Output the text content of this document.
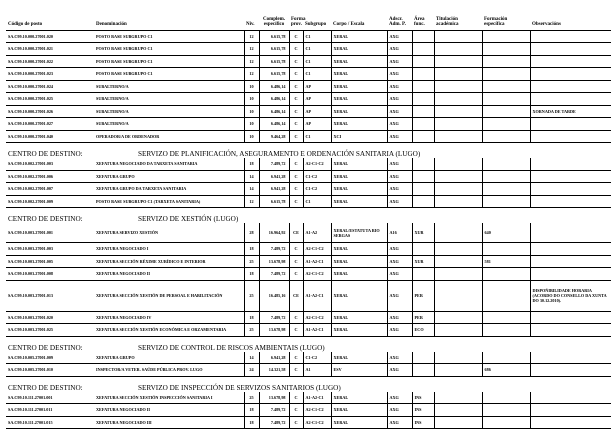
Código de posto	Denominación	Niv.	Complem. específico	Forma prov.	Subgrupo	Corpo / Escala	Adscr. Adm. P.	Área func.	Titulación académica	Formación específica	Observacións
SA.C99.10.000.27001.020	POSTO BASE SUBGRUPO C1	12	6.615,78	C	C1	XERAL	AXG				
SA.C99.10.000.27001.021	POSTO BASE SUBGRUPO C1	12	6.615,78	C	C1	XERAL	AXG				
SA.C99.10.000.27001.022	POSTO BASE SUBGRUPO C1	12	6.615,78	C	C1	XERAL	AXG				
SA.C99.10.000.27001.023	POSTO BASE SUBGRUPO C1	12	6.615,78	C	C1	XERAL	AXG				
SA.C99.10.000.27001.024	SUBALTERNO/A	10	6.486,14	C	AP	XERAL	AXG				
SA.C99.10.000.27001.025	SUBALTERNO/A	10	6.486,14	C	AP	XERAL	AXG				
SA.C99.10.000.27001.026	SUBALTERNO/A	10	6.486,14	C	AP	XERAL	AXG				XORNADA DE TARDE
SA.C99.10.000.27001.027	SUBALTERNO/A	10	6.486,14	C	AP	XERAL	AXG				
SA.C99.10.000.27001.040	OPERADOR/A DE ORDENADOR	10	9.464,28	C	C1	XCI	AXG				
CENTRO DE DESTINO: SERVIZO DE PLANIFICACIÓN, ASEGURAMENTO E ORDENACIÓN SANITARIA (LUGO)											
SA.C99.10.002.27001.003	XEFATURA NEGOCIADO DA TARXETA SANITARIA	18	7.489,72	C	A2-C1-C2	XERAL	AXG				
SA.C99.10.002.27001.006	XEFATURA GRUPO	14	6.941,28	C	C1-C2	XERAL	AXG				
SA.C99.10.002.27001.007	XEFATURA GRUPO DA TARXETA SANITARIA	14	6.941,28	C	C1-C2	XERAL	AXG				
SA.C99.10.002.27001.009	POSTO BASE SUBGRUPO C1 (TARXETA SANITARIA)	12	6.615,78	C	C1	XERAL	AXG				
CENTRO DE DESTINO: SERVIZO DE XESTIÓN (LUGO)											
SA.C99.10.003.27001.001	XEFATURA SERVIZO XESTIÓN	28	16.964,92	CE	A1-A2	XERAL/ESTATUTA RIO SERGAS	A16	XUR		640	
SA.C99.10.003.27001.003	XEFATURA NEGOCIADO I	18	7.489,72	C	A2-C1-C2	XERAL	AXG				
SA.C99.10.003.27001.005	XEFATURA SECCIÓN RÉXIME XURÍDICO E INTERIOR	25	13.678,98	C	A1-A2-C1	XERAL	AXG	XUR		581	
SA.C99.10.003.27001.008	XEFATURA NEGOCIADO II	18	7.489,72	C	A2-C1-C2	XERAL	AXG				
SA.C99.10.003.27001.013	XEFATURA SECCIÓN XESTIÓN DE PERSOAL E HABILITACIÓN	25	16.485,16	CE	A1-A2-C1	XERAL	AXG	PER			DISPOÑIBILIDADE HORARIA (ACORDO DO CONSELLO DA XUNTA DO 30.12.2010).
SA.C99.10.003.27001.020	XEFATURA NEGOCIADO IV	18	7.489,72	C	A2-C1-C2	XERAL	AXG	PER			
SA.C99.10.003.27001.025	XEFATURA SECCIÓN XESTIÓN ECONÓMICA E ORZAMENTARIA	25	13.678,98	C	A1-A2-C1	XERAL	AXG	ECO			
CENTRO DE DESTINO: SERVIZO DE CONTROL DE RISCOS AMBIENTAIS (LUGO)											
SA.C99.10.005.27001.009	XEFATURA GRUPO	14	6.941,28	C	C1-C2	XERAL	AXG				
SA.C99.10.005.27001.010	INSPECTOR/A VETER. SAÚDE PÚBLICA PROV. LUGO	24	14.321,58	C	A1	ESV	AXG			686	
CENTRO DE DESTINO: SERVIZO DE INSPECCIÓN DE SERVIZOS SANITARIOS (LUGO)											
SA.C99.10.111.27001.001	XEFATURA SECCIÓN XESTIÓN INSPECCIÓN SANITARIA I	25	13.678,98	C	A1-A2-C1	XERAL	AXG	INS			
SA.C99.10.111.27001.011	XEFATURA NEGOCIADO II	18	7.489,72	C	A2-C1-C2	XERAL	AXG	INS			
SA.C99.10.111.27001.015	XEFATURA NEGOCIADO III	18	7.489,72	C	A2-C1-C2	XERAL	AXG	INS			
